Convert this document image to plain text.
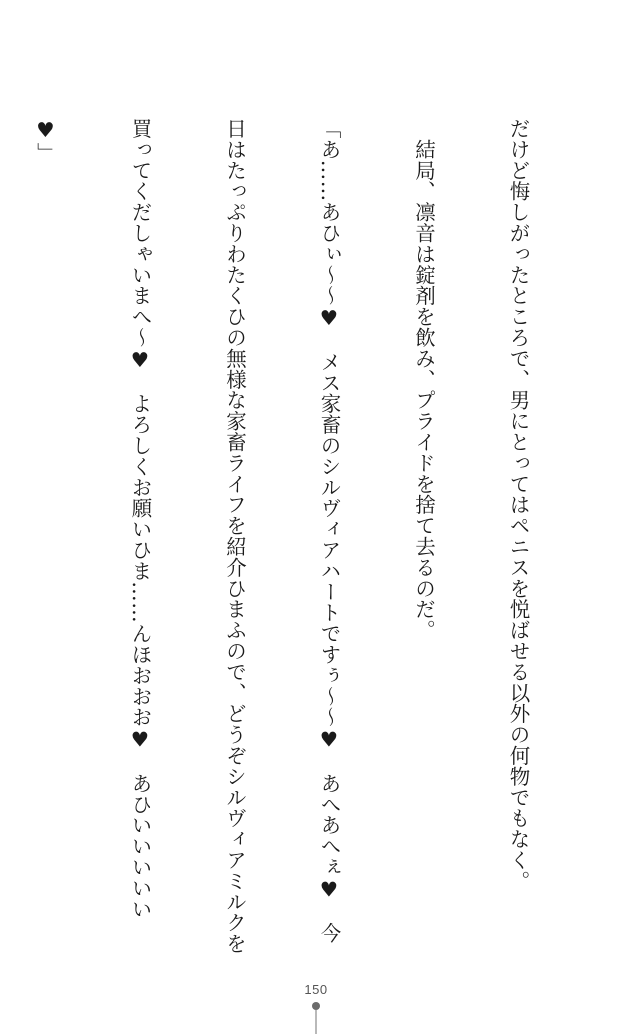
だけど悔しがったところで、男にとってはペニスを悦ばせる以外の何物でもなく。

　結局、凛音は錠剤を飲み、プライドを捨て去るのだ。

「あ……あひぃ～～♥　メス家畜のシルヴィアハートですぅ～～♥　あへあへぇ♥　今

日はたっぷりわたくひの無様な家畜ライフを紹介ひまふので、どうぞシルヴィアミルクを

買ってくだしゃいまへ～♥　よろしくお願いひま……んほおおお♥　あひいいいいい

♥」

150
